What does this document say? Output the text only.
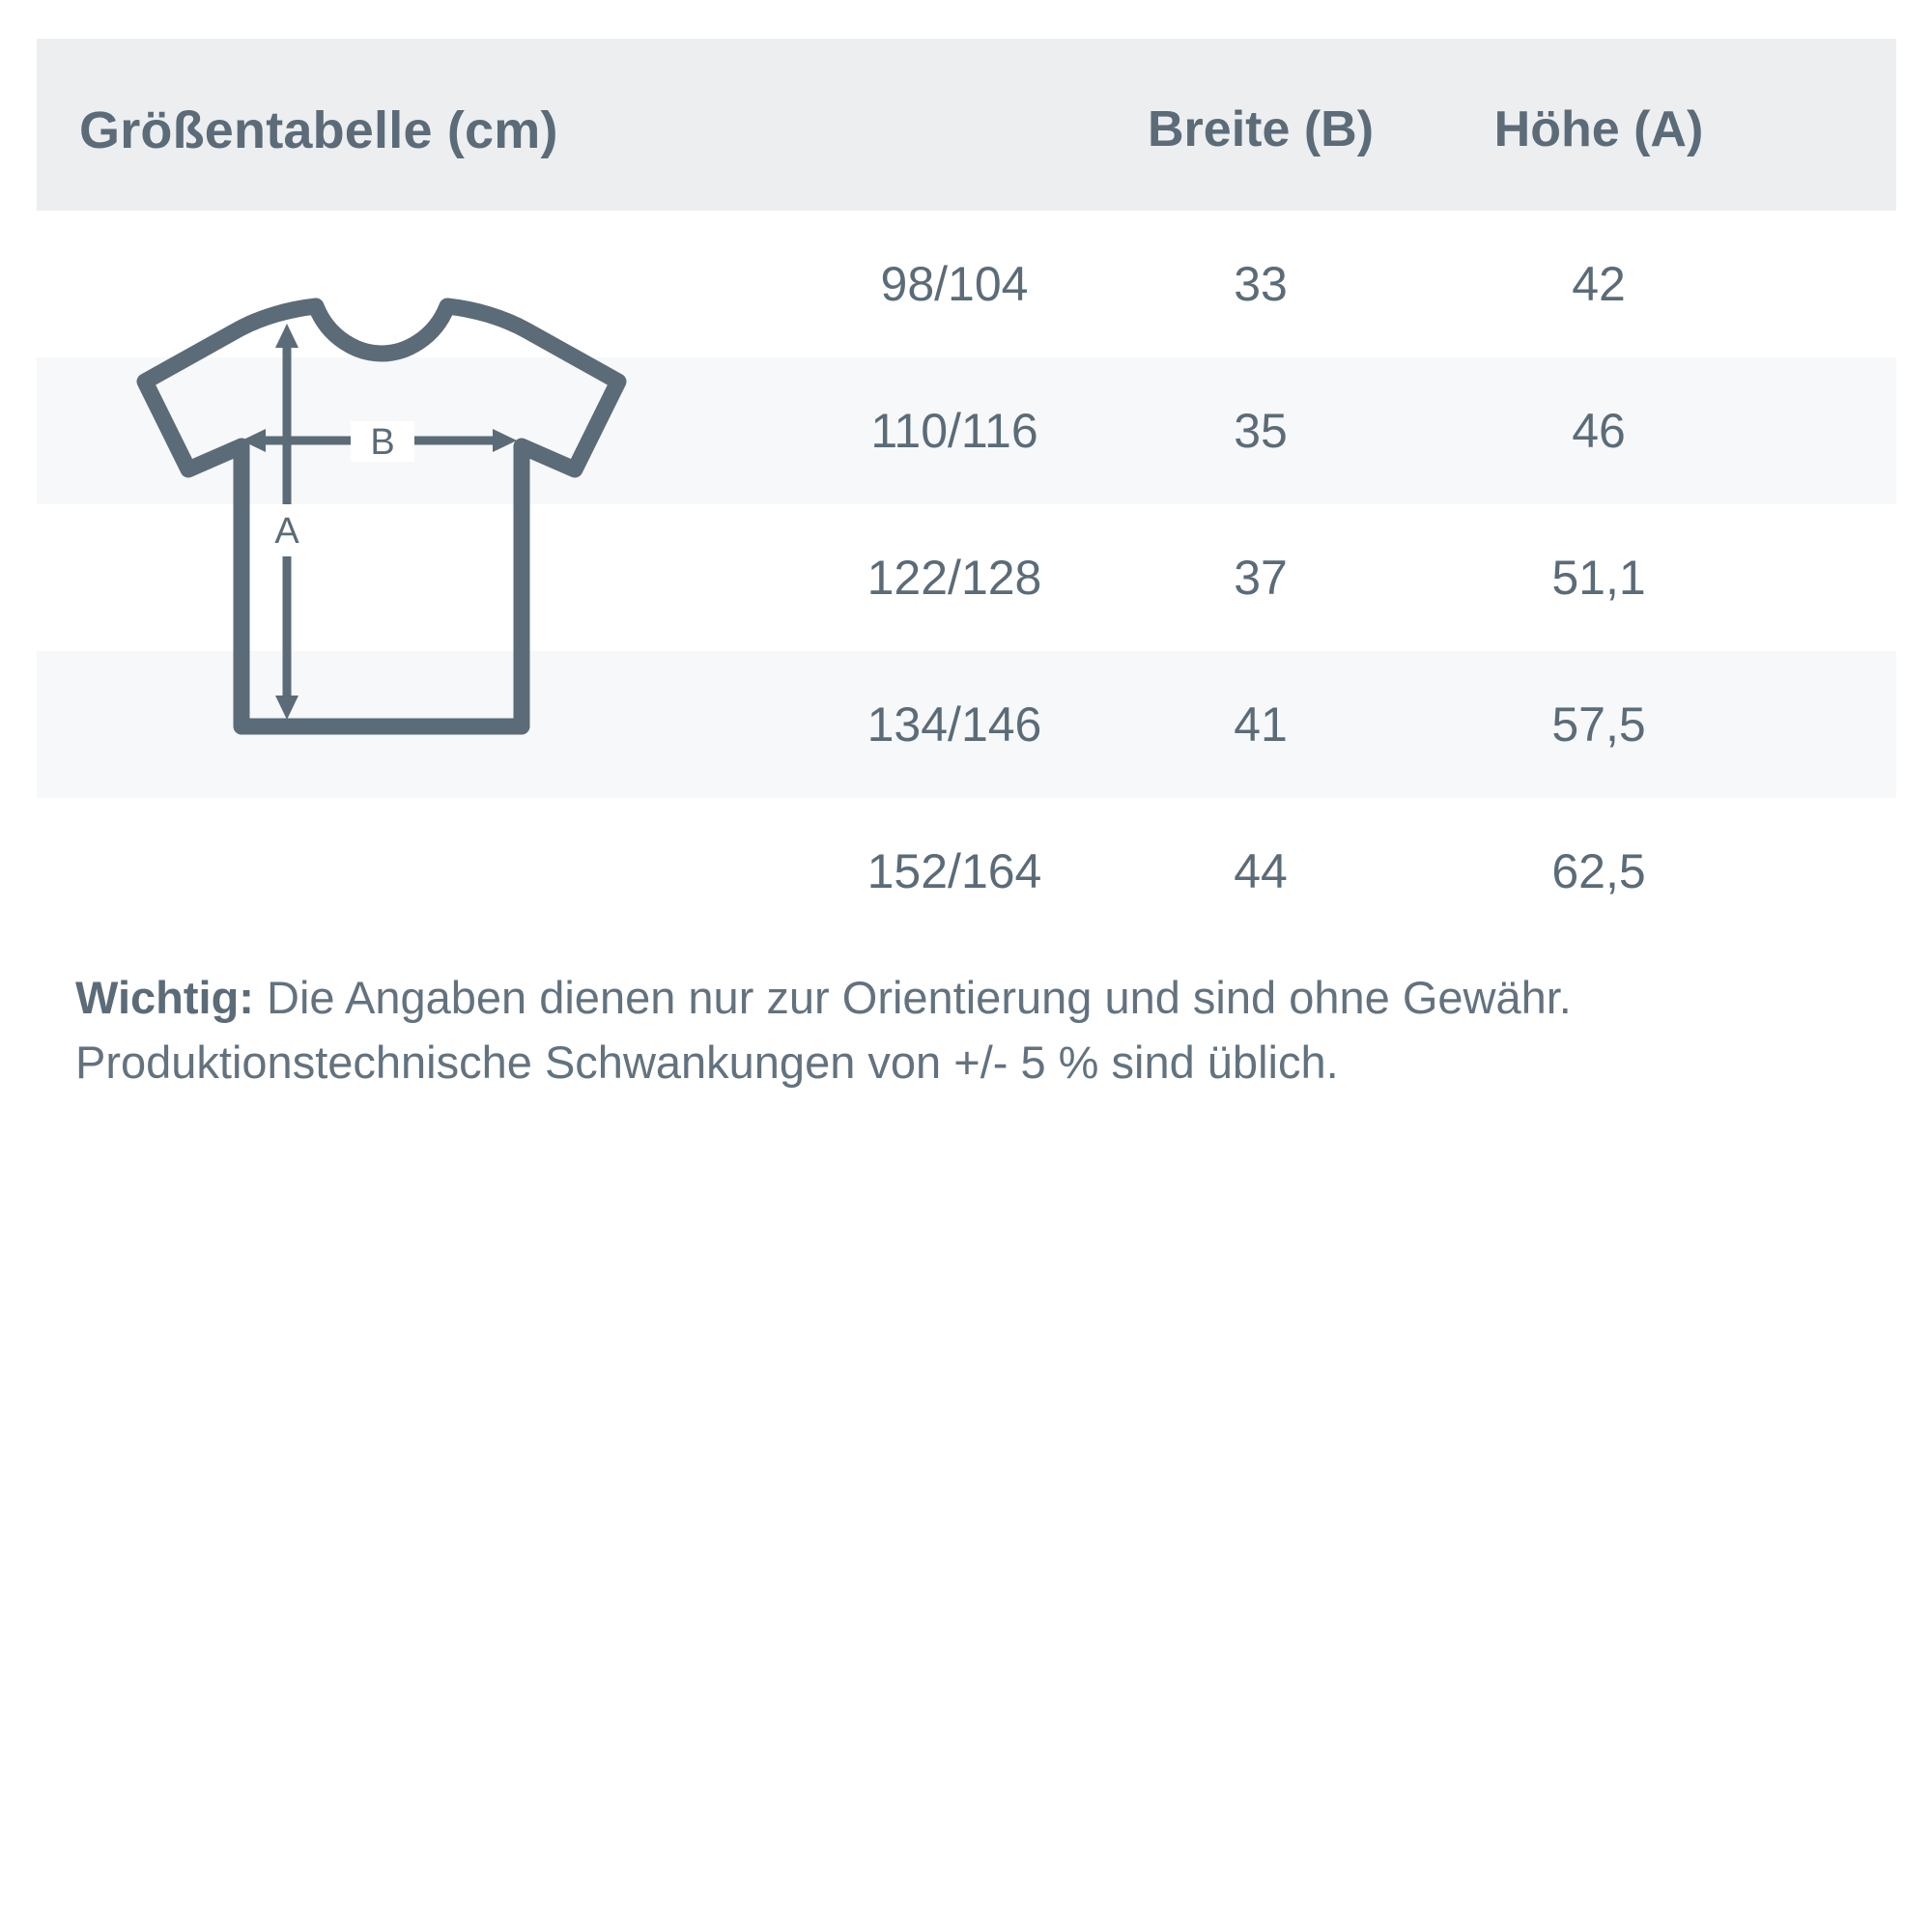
Größentabelle (cm)	Breite (B)	Höhe (A)
98/104	33	42
110/116	35	46
122/128	37	51,1
134/146	41	57,5
152/164	44	62,5
B
A
Wichtig: Die Angaben dienen nur zur Orientierung und sind ohne Gewähr. Produktionstechnische Schwankungen von +/- 5 % sind üblich.
